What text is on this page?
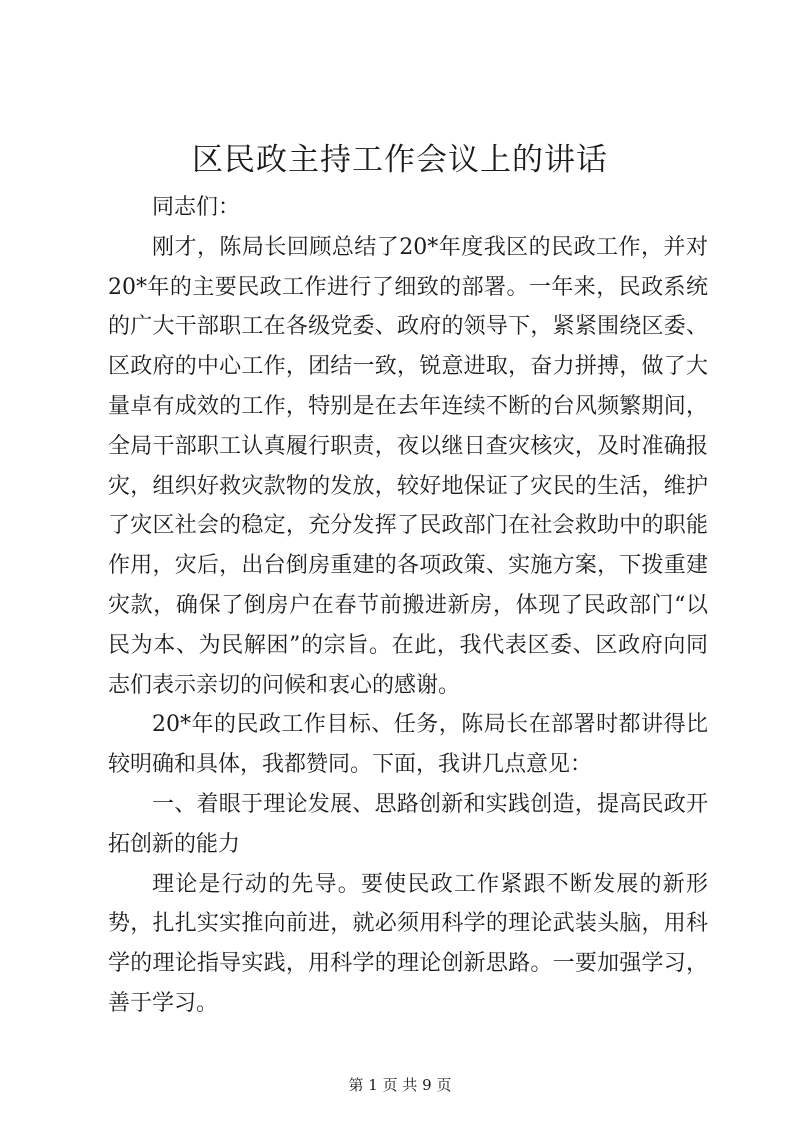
区民政主持工作会议上的讲话

同志们：

刚才，陈局长回顾总结了20*年度我区的民政工作，并对20*年的主要民政工作进行了细致的部署。一年来，民政系统的广大干部职工在各级党委、政府的领导下，紧紧围绕区委、区政府的中心工作，团结一致，锐意进取，奋力拼搏，做了大量卓有成效的工作，特别是在去年连续不断的台风频繁期间，全局干部职工认真履行职责，夜以继日查灾核灾，及时准确报灾，组织好救灾款物的发放，较好地保证了灾民的生活，维护了灾区社会的稳定，充分发挥了民政部门在社会救助中的职能作用，灾后，出台倒房重建的各项政策、实施方案，下拨重建灾款，确保了倒房户在春节前搬进新房，体现了民政部门“以民为本、为民解困”的宗旨。在此，我代表区委、区政府向同志们表示亲切的问候和衷心的感谢。

20*年的民政工作目标、任务，陈局长在部署时都讲得比较明确和具体，我都赞同。下面，我讲几点意见：

一、着眼于理论发展、思路创新和实践创造，提高民政开拓创新的能力

理论是行动的先导。要使民政工作紧跟不断发展的新形势，扎扎实实推向前进，就必须用科学的理论武装头脑，用科学的理论指导实践，用科学的理论创新思路。一要加强学习，善于学习。

第 1 页 共 9 页
